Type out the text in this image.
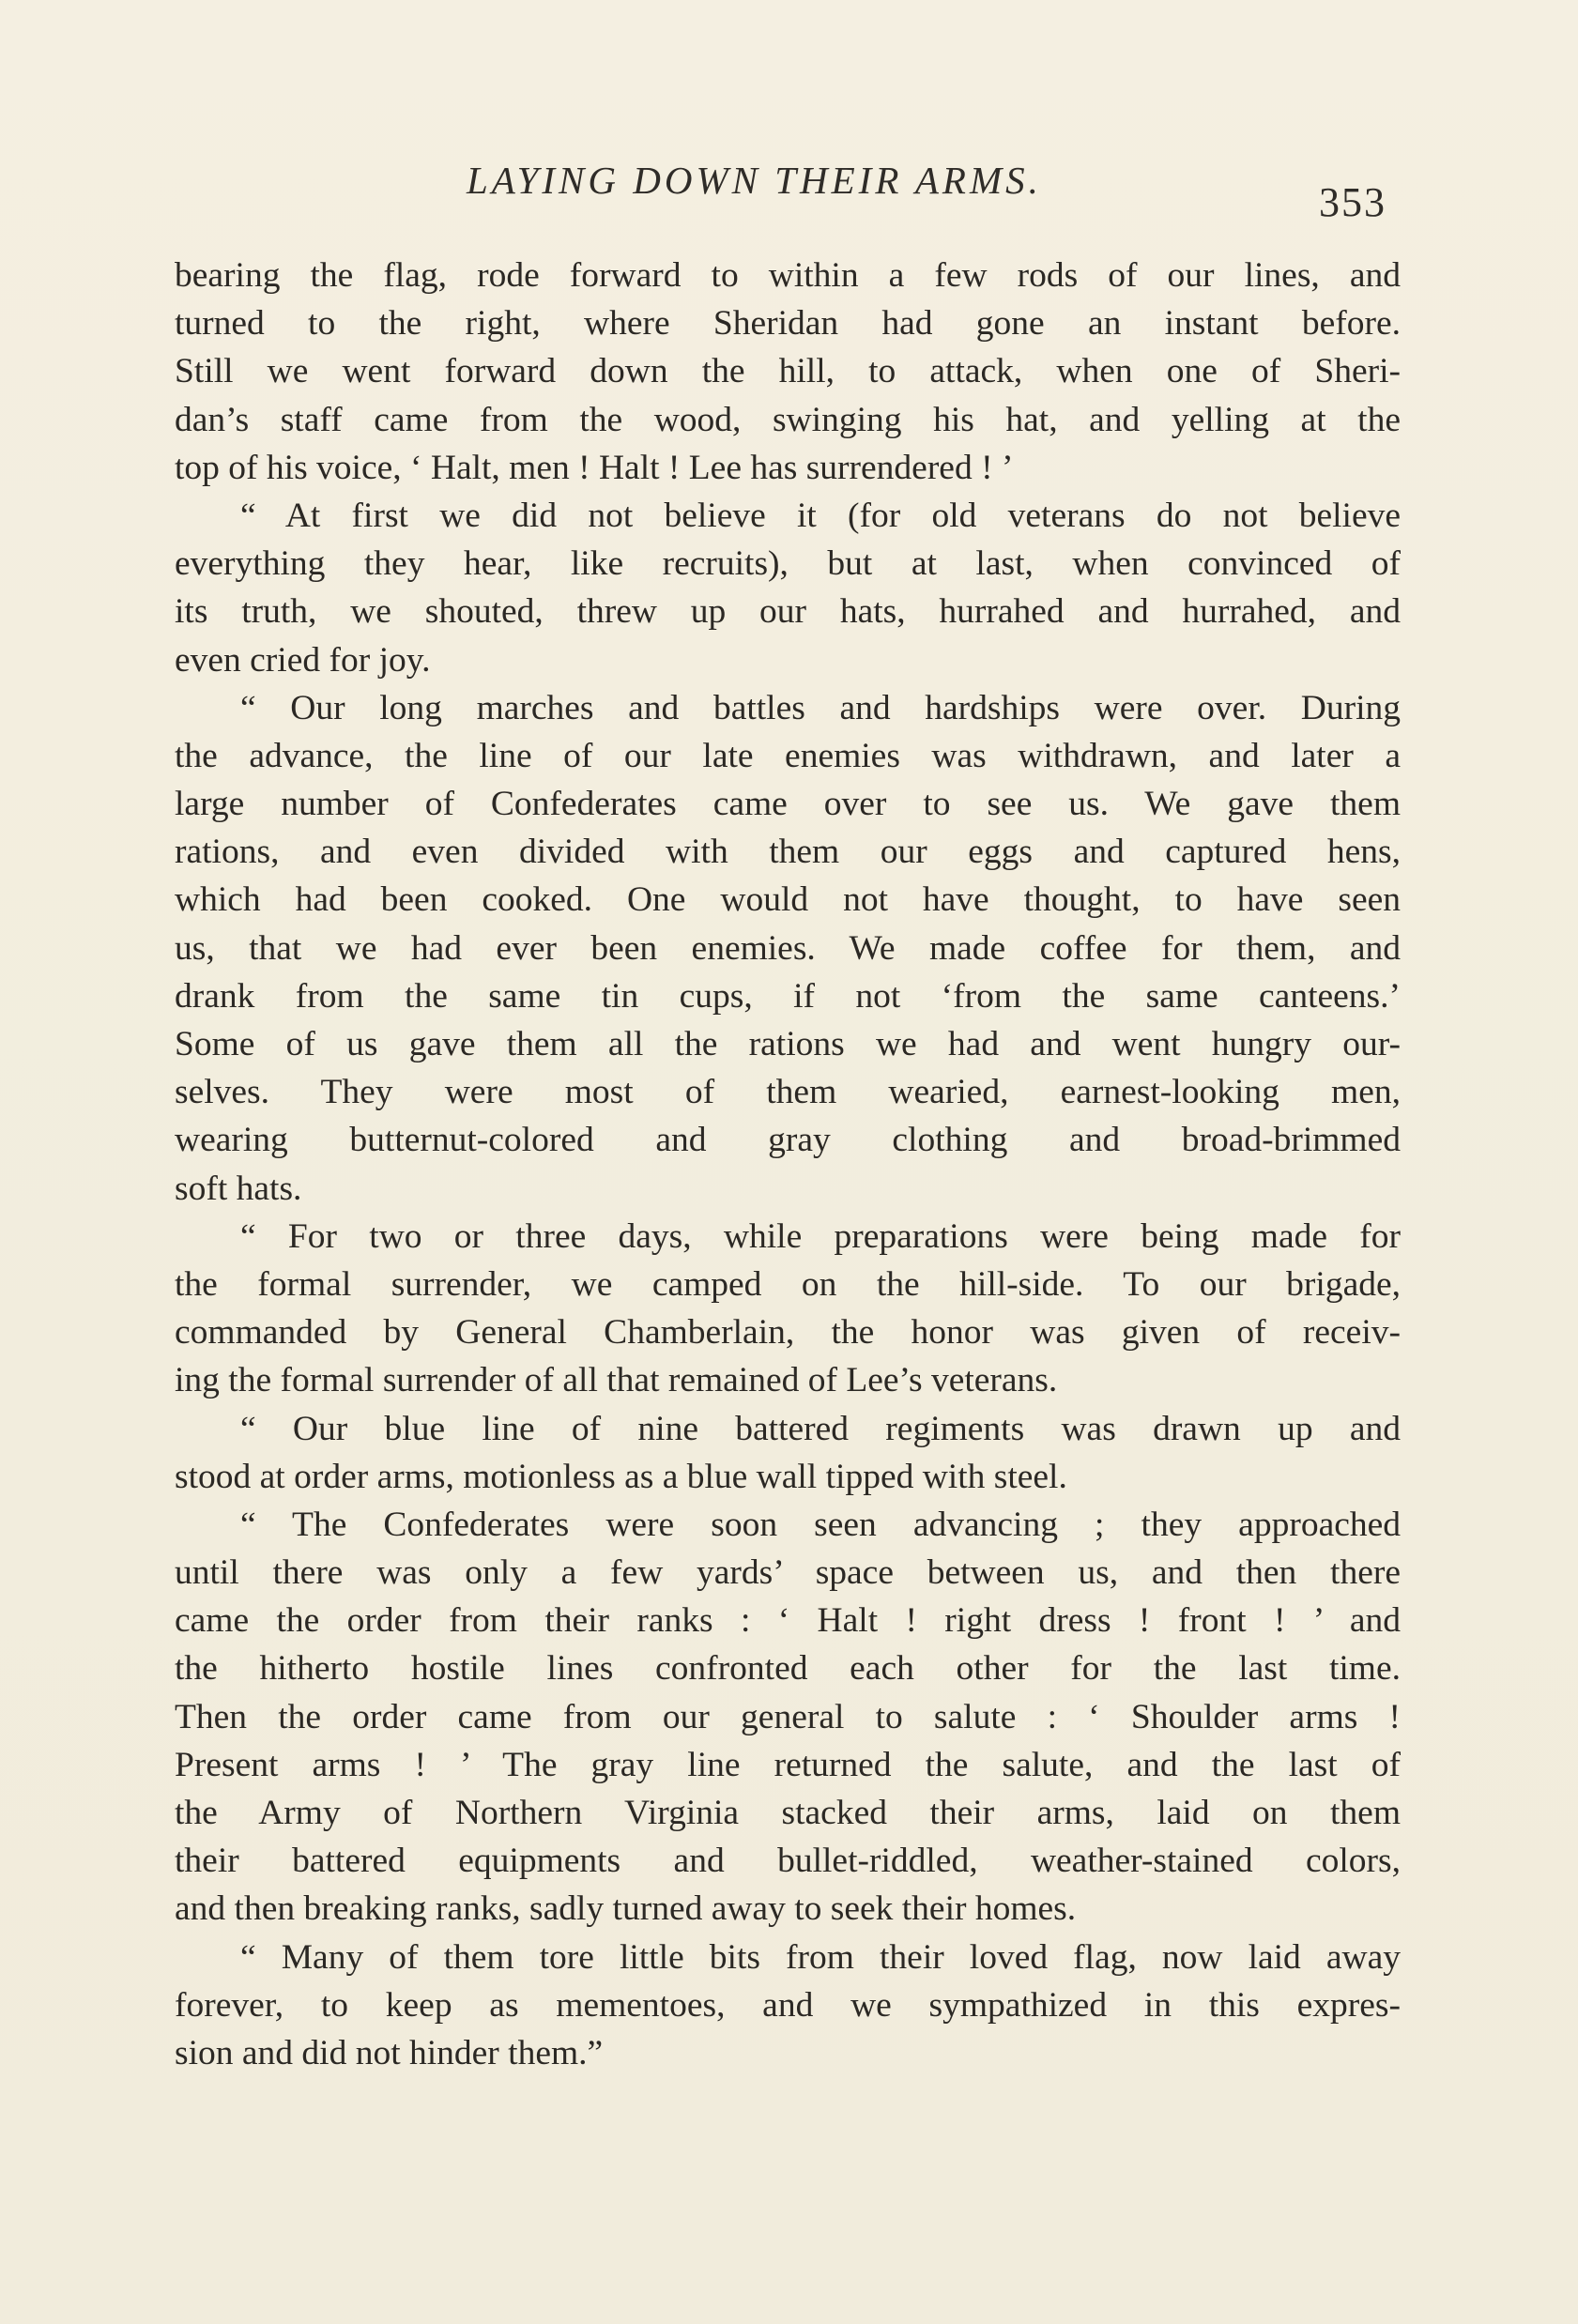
LAYING DOWN THEIR ARMS.	353
bearing the flag, rode forward to within a few rods of our lines, and
turned to the right, where Sheridan had gone an instant before.
Still we went forward down the hill, to attack, when one of Sheri-
dan’s staff came from the wood, swinging his hat, and yelling at the
top of his voice, ‘ Halt, men ! Halt ! Lee has surrendered ! ’
“ At first we did not believe it (for old veterans do not believe
everything they hear, like recruits), but at last, when convinced of
its truth, we shouted, threw up our hats, hurrahed and hurrahed, and
even cried for joy.
“ Our long marches and battles and hardships were over. During
the advance, the line of our late enemies was withdrawn, and later a
large number of Confederates came over to see us. We gave them
rations, and even divided with them our eggs and captured hens,
which had been cooked. One would not have thought, to have seen
us, that we had ever been enemies. We made coffee for them, and
drank from the same tin cups, if not ‘from the same canteens.’
Some of us gave them all the rations we had and went hungry our-
selves. They were most of them wearied, earnest-looking men,
wearing butternut-colored and gray clothing and broad-brimmed
soft hats.
“ For two or three days, while preparations were being made for
the formal surrender, we camped on the hill-side. To our brigade,
commanded by General Chamberlain, the honor was given of receiv-
ing the formal surrender of all that remained of Lee’s veterans.
“ Our blue line of nine battered regiments was drawn up and
stood at order arms, motionless as a blue wall tipped with steel.
“ The Confederates were soon seen advancing ; they approached
until there was only a few yards’ space between us, and then there
came the order from their ranks : ‘ Halt ! right dress ! front ! ’ and
the hitherto hostile lines confronted each other for the last time.
Then the order came from our general to salute : ‘ Shoulder arms !
Present arms ! ’ The gray line returned the salute, and the last of
the Army of Northern Virginia stacked their arms, laid on them
their battered equipments and bullet-riddled, weather-stained colors,
and then breaking ranks, sadly turned away to seek their homes.
“ Many of them tore little bits from their loved flag, now laid away
forever, to keep as mementoes, and we sympathized in this expres-
sion and did not hinder them.”
